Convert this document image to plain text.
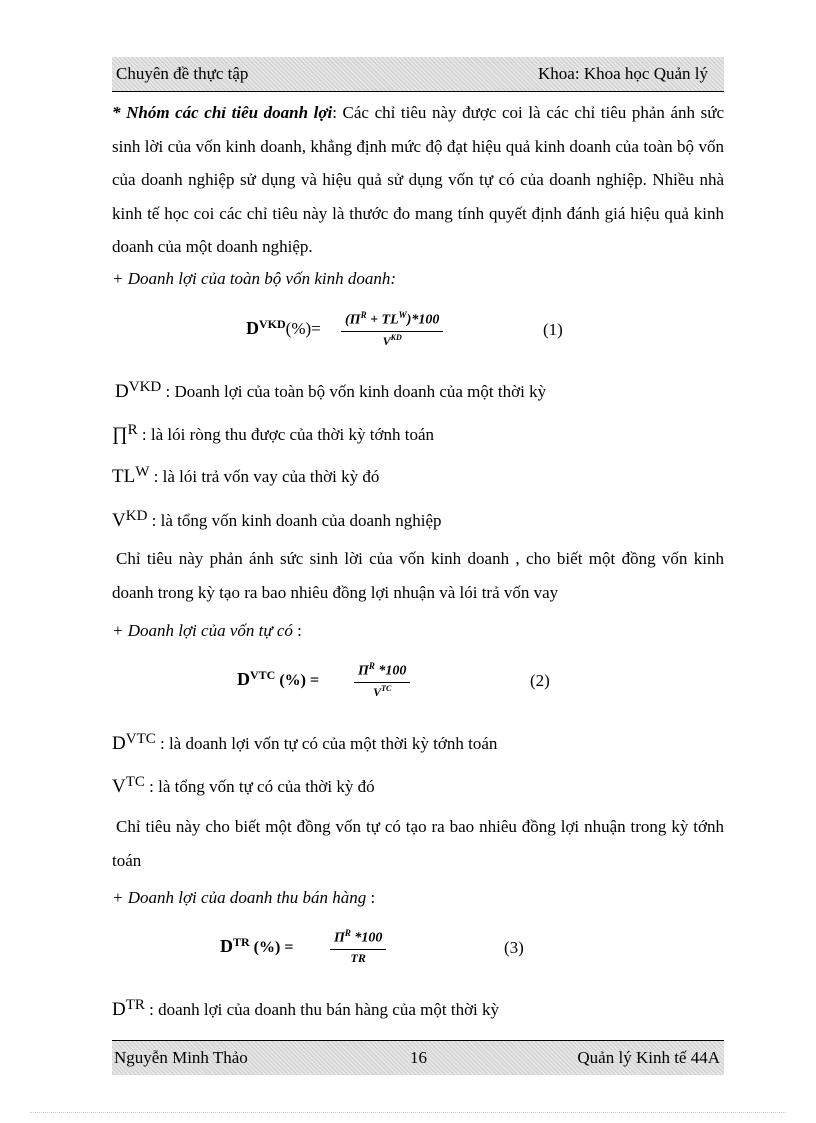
Chuyên đề thực tập	Khoa: Khoa học Quản lý

* Nhóm các chỉ tiêu doanh lợi: Các chỉ tiêu này được coi là các chỉ tiêu phản ánh sức sinh lời của vốn kinh doanh, khẳng định mức độ đạt hiệu quả kinh doanh của toàn bộ vốn của doanh nghiệp sử dụng và hiệu quả sử dụng vốn tự có của doanh nghiệp. Nhiều nhà kinh tế học coi các chỉ tiêu này là thước đo mang tính quyết định đánh giá hiệu quả kinh doanh của một doanh nghiệp.

+ Doanh lợi của toàn bộ vốn kinh doanh:
$D^{VKD}(\%)= (\Pi^R + TL^W)*100$
$V^{KD}$	(1)
DVKD : Doanh lợi của toàn bộ vốn kinh doanh của một thời kỳ
∏R : là lói ròng thu được của thời kỳ tớnh toán
TLW : là lói trả vốn vay của thời kỳ đó
VKD : là tổng vốn kinh doanh của doanh nghiệp

Chỉ tiêu này phản ánh sức sinh lời của vốn kinh doanh , cho biết một đồng vốn kinh doanh trong kỳ tạo ra bao nhiêu đồng lợi nhuận và lói trả vốn vay

+ Doanh lợi của vốn tự có :
$D^{VTC}$ (%) =
$\Pi^R$ *100
$V^{TC}$	(2)
DVTC : là doanh lợi vốn tự có của một thời kỳ tớnh toán
VTC : là tổng vốn tự có của thời kỳ đó

Chỉ tiêu này cho biết một đồng vốn tự có tạo ra bao nhiêu đồng lợi nhuận trong kỳ tớnh toán

+ Doanh lợi của doanh thu bán hàng :
$D^{TR}$ (%) =	$\frac{\Pi^R *100}{TR}$	(3)
DTR : doanh lợi của doanh thu bán hàng của một thời kỳ
Nguyễn Minh Thảo	16	Quản lý Kinh tế 44A
